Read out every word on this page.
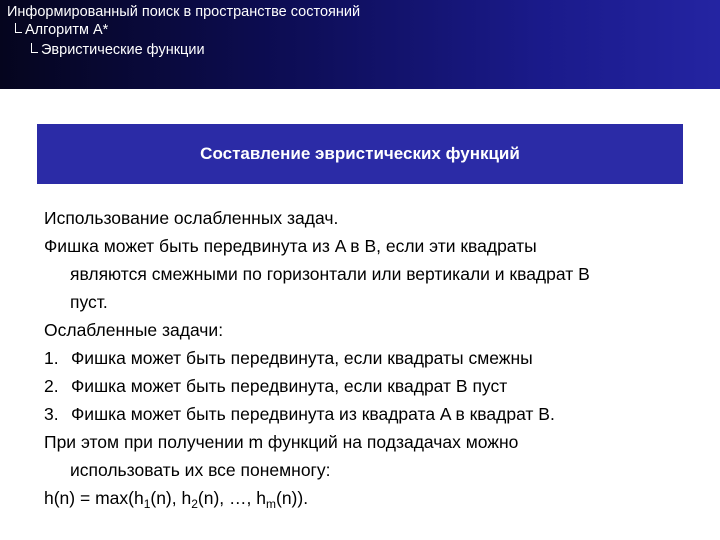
Информированный поиск в пространстве состояний
Алгоритм A*
Эвристические функции
Составление эвристических функций
Использование ослабленных задач.
Фишка может быть передвинута из A в B, если эти квадраты
являются смежными по горизонтали или вертикали и квадрат B
пуст.
Ослабленные задачи:
1. Фишка может быть передвинута, если квадраты смежны
2. Фишка может быть передвинута, если квадрат B пуст
3. Фишка может быть передвинута из квадрата A в квадрат B.
При этом при получении m функций на подзадачах можно
использовать их все понемногу:
$h(n) = \max(h_1(n)$, $h_2(n)$, …, $h_m(n)$).
